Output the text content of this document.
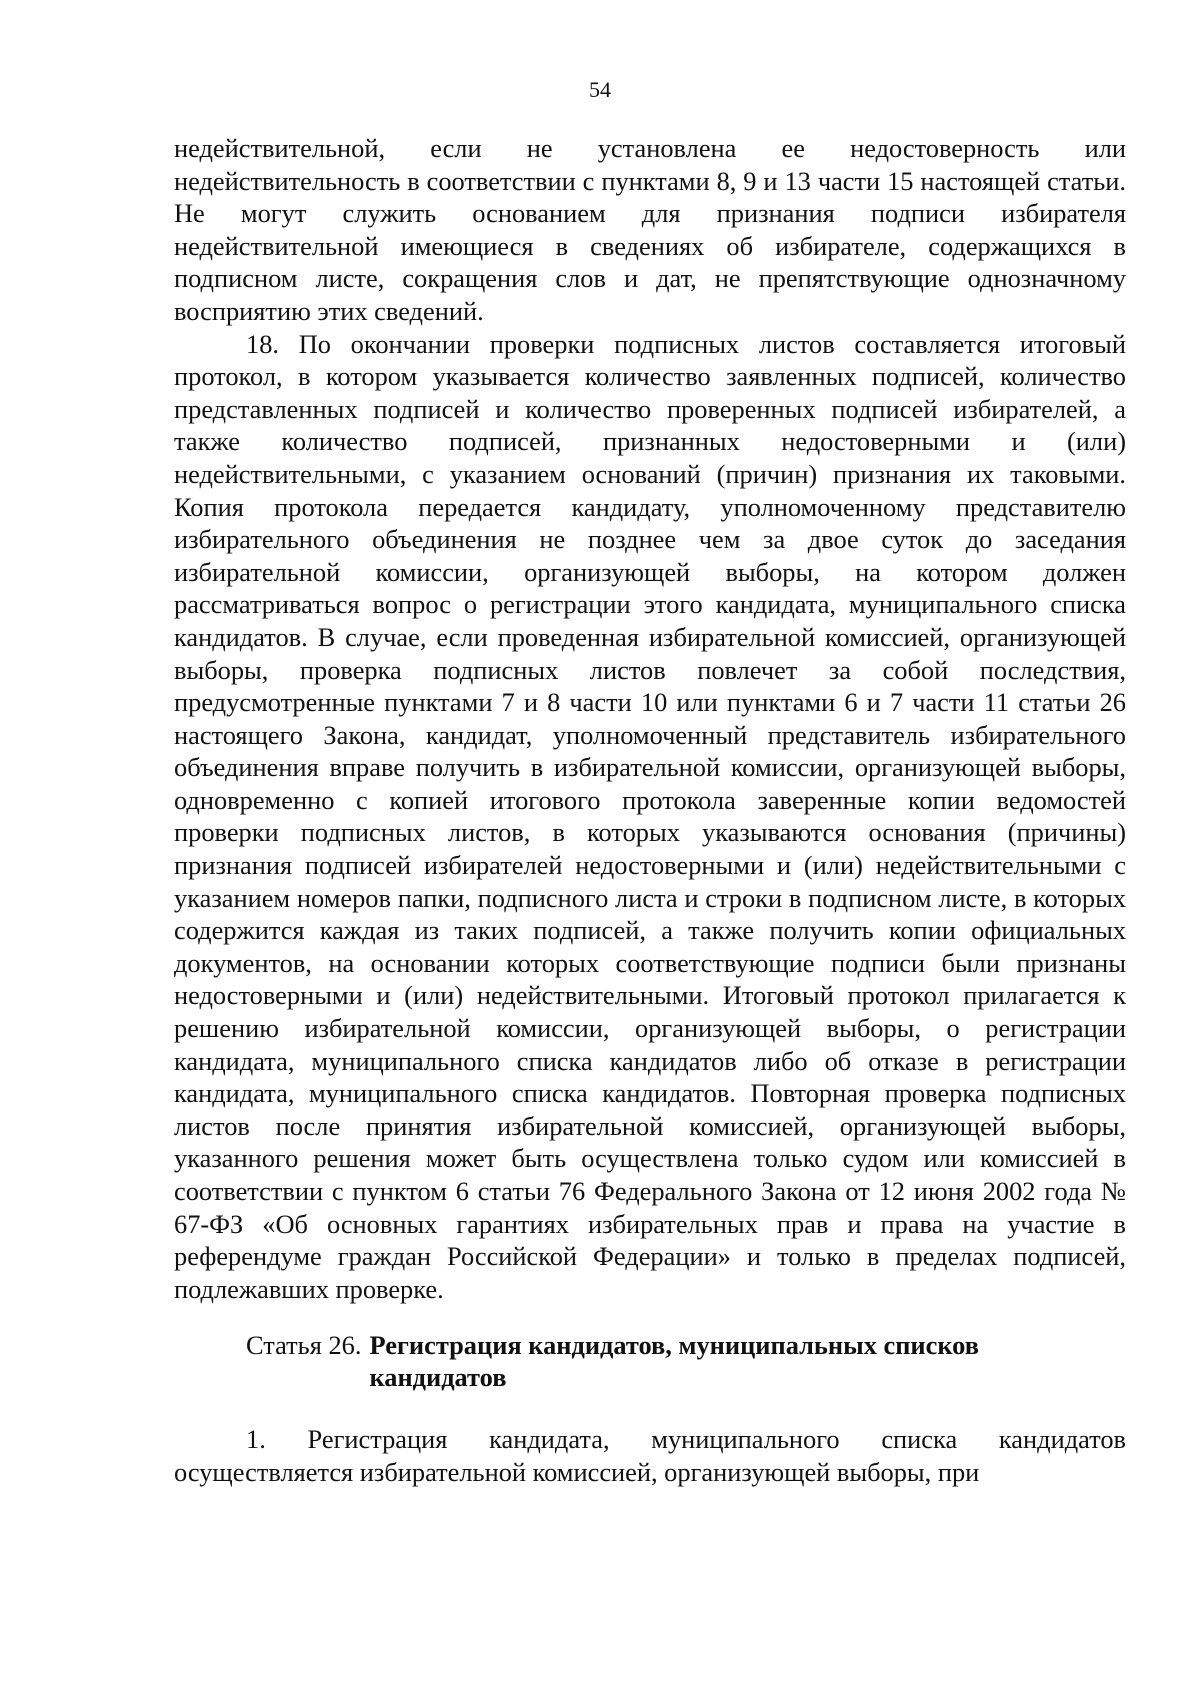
54

недействительной, если не установлена ее недостоверность или недействительность в соответствии с пунктами 8, 9 и 13 части 15 настоящей статьи. Не могут служить основанием для признания подписи избирателя недействительной имеющиеся в сведениях об избирателе, содержащихся в подписном листе, сокращения слов и дат, не препятствующие однозначному восприятию этих сведений.

18. По окончании проверки подписных листов составляется итоговый протокол, в котором указывается количество заявленных подписей, количество представленных подписей и количество проверенных подписей избирателей, а также количество подписей, признанных недостоверными и (или) недействительными, с указанием оснований (причин) признания их таковыми. Копия протокола передается кандидату, уполномоченному представителю избирательного объединения не позднее чем за двое суток до заседания избирательной комиссии, организующей выборы, на котором должен рассматриваться вопрос о регистрации этого кандидата, муниципального списка кандидатов. В случае, если проведенная избирательной комиссией, организующей выборы, проверка подписных листов повлечет за собой последствия, предусмотренные пунктами 7 и 8 части 10 или пунктами 6 и 7 части 11 статьи 26 настоящего Закона, кандидат, уполномоченный представитель избирательного объединения вправе получить в избирательной комиссии, организующей выборы, одновременно с копией итогового протокола заверенные копии ведомостей проверки подписных листов, в которых указываются основания (причины) признания подписей избирателей недостоверными и (или) недействительными с указанием номеров папки, подписного листа и строки в подписном листе, в которых содержится каждая из таких подписей, а также получить копии официальных документов, на основании которых соответствующие подписи были признаны недостоверными и (или) недействительными. Итоговый протокол прилагается к решению избирательной комиссии, организующей выборы, о регистрации кандидата, муниципального списка кандидатов либо об отказе в регистрации кандидата, муниципального списка кандидатов. Повторная проверка подписных листов после принятия избирательной комиссией, организующей выборы, указанного решения может быть осуществлена только судом или комиссией в соответствии с пунктом 6 статьи 76 Федерального Закона от 12 июня 2002 года № 67-ФЗ «Об основных гарантиях избирательных прав и права на участие в референдуме граждан Российской Федерации» и только в пределах подписей, подлежавших проверке.

Статья 26. Регистрация кандидатов, муниципальных списков кандидатов

1. Регистрация кандидата, муниципального списка кандидатов осуществляется избирательной комиссией, организующей выборы, при
